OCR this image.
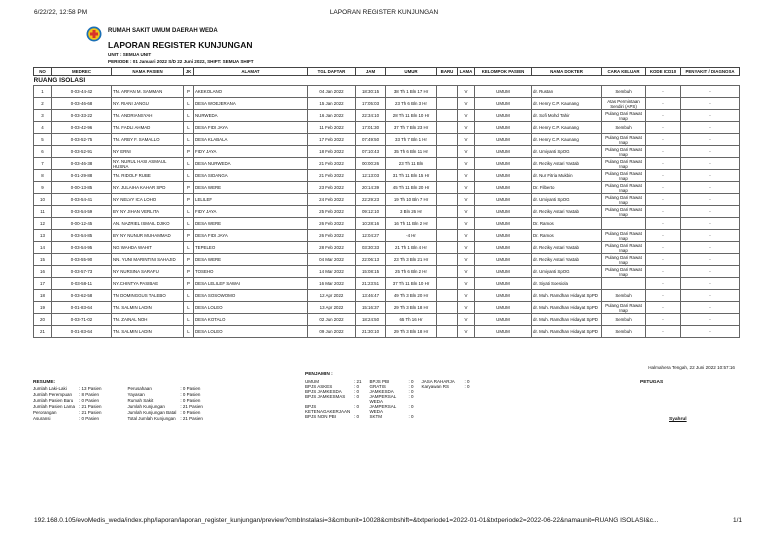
6/22/22, 12:58 PM	LAPORAN REGISTER KUNJUNGAN
RUMAH SAKIT UMUM DAERAH WEDA
LAPORAN REGISTER KUNJUNGAN
UNIT : SEMUA UNIT
PERIODE : 01 Januari 2022 S/D 22 Juni 2022, SHIFT: SEMUA SHIFT
NO	MEDREC	NAMA PASIEN	JK	ALAMAT	TGL DAFTAR	JAM	UMUR	BARU	LAMA	KELOMPOK PASIEN	NAMA DOKTER	CARA KELUAR	KODE ICD10	PENYAKIT / DIAGNOSA
RUANG ISOLASI														
1	0-03-44-42	TN. ARFAN M. SAMMAN	P	AKEKOLANO	04 Jan 2022	18:30:15	38 Th 1 Bln 17 Hr		V	UMUM	dr. Rustan	Sembuh	-	-
2	0-03-46-68	NY. RIANI JANGU	L	DESA WOEJERANA	15 Jan 2022	17:05:03	23 Th 6 Bln 3 Hr		V	UMUM	dr. Henry C.P. Kaunang	Atas Permintaan Sendiri (APS)	-	-
3	0-03-33-22	TN. ANDRIANSYAH	L	NURWEDA	16 Jan 2022	22:34:10	28 Th 11 Bln 10 Hr		V	UMUM	dr. Sofi Mohd Tahir	Pulang Dari Rawat Inap	-	-
4	0-03-42-96	TN. FADLI AHMAD	L	DESA FIDI JAYA	11 Feb 2022	17:01:30	37 Th 7 Bln 23 Hr		V	UMUM	dr. Henry C.P. Kaunang	Sembuh	-	-
5	0-03-52-75	TN. ARBY F. SAMALLO	L	DESA KLABALA	17 Feb 2022	07:49:50	33 Th 7 Bln 1 Hr		V	UMUM	dr. Henry C.P. Kaunang	Pulang Dari Rawat Inap	-	-
6	0-03-52-91	NY ERNI	P	FIDY JAYA	18 Feb 2022	07:10:43	35 Th 6 Bln 11 Hr		V	UMUM	dr. Umiyanti SpOG	Pulang Dari Rawat Inap	-	-
7	0-03-46-38	NY. NURUL HASI ASMAUL HUSNA	L	DESA NURWEDA	21 Feb 2022	00:00:26	23 Th 11 Bln		V	UMUM	dr. Reziky Astari Yastab	Pulang Dari Rawat Inap	-	-
8	0-01-29-88	TN. RIDOLF RUBE	L	DESA SIDANGA	21 Feb 2022	12:13:03	31 Th 11 Bln 15 Hr		V	UMUM	dr. Nur Fitria Mukbin	Pulang Dari Rawat Inap	-	-
9	0-00-13-85	NY. JULAIHA KAHAR SPD	P	DESA WERE	23 Feb 2022	20:14:39	45 Th 11 Bln 20 Hr		V	UMUM	Dr. Filberto	Pulang Dari Rawat Inap	-	-
10	0-03-54-41	NY NELVY ICA LOHO	P	LELILEF	24 Feb 2022	22:29:23	19 Th 10 Bln 7 Hr		V	UMUM	dr. Umiyanti SpOG	Pulang Dari Rawat Inap	-	-
11	0-03-54-59	BY NY JIHAN VERLITA	L	FIDY JAYA	25 Feb 2022	09:12:10	3 Bln 26 Hr		V	UMUM	dr. Reziky Astari Yastab	Pulang Dari Rawat Inap	-	-
12	0-00-12-45	AN. NAZRIEL ISMAIL DJIKO	L	DESA WERE	26 Feb 2022	10:28:16	16 Th 11 Bln 2 Hr		V	UMUM	Dr. Ramos		-	-
13	0-03-54-85	BY NY NUNUR MUHAMMAD	P	DESA FIDI JAYA	26 Feb 2022	12:04:27	-4 Hr		V	UMUM	Dr. Ramos	Pulang Dari Rawat Inap	-	-
14	0-03-54-95	NG WAHDA WAHIT	L	TEPELEO	28 Feb 2022	03:30:33	21 Th 1 Bln 4 Hr		V	UMUM	dr. Reziky Astari Yastab	Pulang Dari Rawat Inap	-	-
15	0-03-55-90	NN. YUNI MARINTINI SAHAJID	P	DESA WERE	04 Mar 2022	22:06:13	23 Th 3 Bln 21 Hr		V	UMUM	dr. Reziky Astari Yastab	Pulang Dari Rawat Inap	-	-
16	0-03-57-73	NY NURSINA SARAFU	P	TOSEHO	14 Mar 2022	15:08:15	25 Th 6 Bln 2 Hr		V	UMUM	dr. Umiyanti SpOG	Pulang Dari Rawat Inap	-	-
17	0-03-58-11	NY.CHINTYA PASIBAE	P	DESA LELILEF SAWAI	16 Mar 2022	21:23:51	37 Th 11 Bln 10 Hr		V	UMUM	dr. Siyati Soesiola		-	-
18	0-03-62-58	TN DOMINGGUS TALEBO	L	DESA SOSOWOMO	12 Apr 2022	13:46:47	49 Th 3 Bln 20 Hr		V	UMUM	dr. Muh. Ramdhan Hidayat SpPD	Sembuh	-	-
19	0-01-83-64	TN. SALMIN LADIN	L	DESA LOLEO	13 Apr 2022	15:16:37	29 Th 3 Bln 18 Hr		V	UMUM	dr. Muh. Ramdhan Hidayat SpPD	Pulang Dari Rawat Inap	-	-
20	0-03-71-02	TN. ZAINAL NOH	L	DESA KOTALO	02 Jun 2022	18:24:50	65 Th 16 Hr		V	UMUM	dr. Muh. Ramdhan Hidayat SpPD	Sembuh	-	-
21	0-01-83-64	TN. SALMIN LADIN	L	DESA LOLEO	09 Jun 2022	21:30:10	29 Th 3 Bln 18 Hr		V	UMUM	dr. Muh. Ramdhan Hidayat SpPD	Sembuh	-	-
Halmahera Tengah, 22 Juni 2022 10:57:16
RESUME:
Jumlah Laki-Laki	: 13 Pasien	Perusahaan	: 0 Pasien
Jumlah Perempuan	: 8 Pasien	Yayasan	: 0 Pasien
Jumlah Pasien Baru	: 0 Pasien	Rumah Sakit	: 0 Pasien
Jumlah Pasien Lama	: 21 Pasien	Jumlah Kunjungan	: 21 Pasien
Perorangan	: 21 Pasien	Jumlah Kunjungan Batal	: 0 Pasien
Asuransi	: 0 Pasien	Total Jumlah Kunjungan	: 21 Pasien
PENJAMIN :
UMUM	: 21	BPJS PBI	: 0	JASA RAHARJA	: 0
BPJS ASKES	: 0	GRATIS	: 0	Karyawan RS	: 0
BPJS JAMKESDA	: 0	JAMKESDA	: 0		
BPJS JAMKESMAS	: 0	JAMPERSAL WEDA	: 0		
BPJS KETENAGAKERJAAN	: 0	JAMPERSAL WEDA	: 0		
BPJS NON PBI	: 0	SKTM	: 0		
PETUGAS
Syahrul
192.168.0.105/evoMedis_weda/index.php/laporan/laporan_register_kunjungan/preview?cmbInstalasi=3&cmbunit=10028&cmbshift=&txtperiode1=2022-01-01&txtperiode2=2022-06-22&namaunit=RUANG ISOLASI&c...	1/1
